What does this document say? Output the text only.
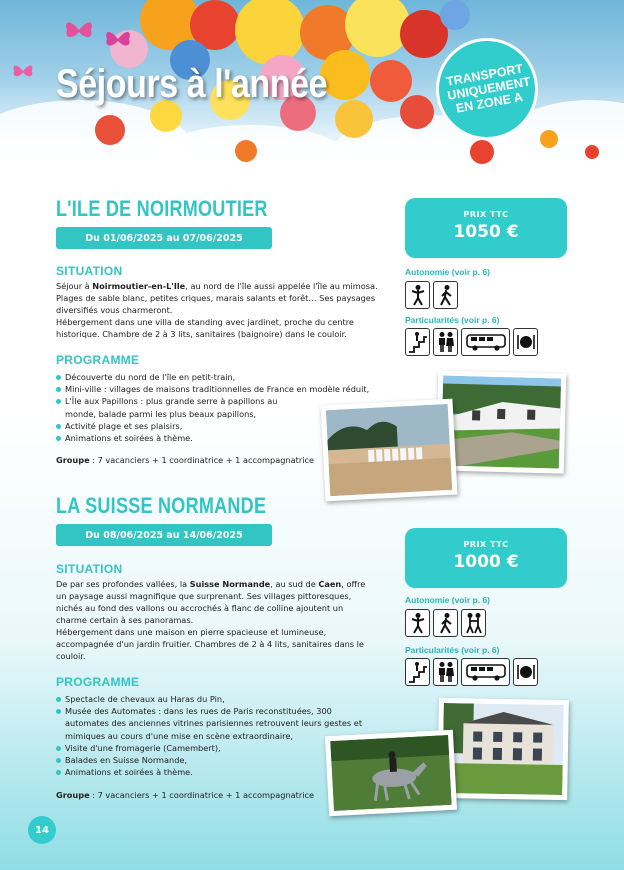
Séjours à l'année	TRANSPORT UNIQUEMENT EN ZONE A
L'ILE DE NOIRMOUTIER
Du 01/06/2025 au 07/06/2025
PRIX TTC
1050 €
SITUATION

Séjour à Noirmoutier-en-L'Ile, au nord de l'île aussi appelée l'île au mimosa. Plages de sable blanc, petites criques, marais salants et forêt… Ses paysages diversifiés vous charmeront.

Hébergement dans une villa de standing avec jardinet, proche du centre historique. Chambre de 2 à 3 lits, sanitaires (baignoire) dans le couloir.

PROGRAMME
Découverte du nord de l'île en petit-train,
Mini-ville : villages de maisons traditionnelles de France en modèle réduit,
L'Île aux Papillons : plus grande serre à papillons au monde, balade parmi les plus beaux papillons,
Activité plage et ses plaisirs,
Animations et soirées à thème.
Groupe : 7 vacanciers + 1 coordinatrice + 1 accompagnatrice
Autonomie (voir p. 6)
Particularités (voir p. 6)
LA SUISSE NORMANDE
Du 08/06/2025 au 14/06/2025
PRIX TTC
1000 €
SITUATION

De par ses profondes vallées, la Suisse Normande, au sud de Caen, offre un paysage aussi magnifique que surprenant. Ses villages pittoresques, nichés au fond des vallons ou accrochés à flanc de colline ajoutent un charme certain à ses panoramas.

Hébergement dans une maison en pierre spacieuse et lumineuse, accompagnée d'un jardin fruitier. Chambres de 2 à 4 lits, sanitaires dans le couloir.

PROGRAMME
Spectacle de chevaux au Haras du Pin,
Musée des Automates : dans les rues de Paris reconstituées, 300 automates des anciennes vitrines parisiennes retrouvent leurs gestes et mimiques au cours d'une mise en scène extraordinaire,
Visite d'une fromagerie (Camembert),
Balades en Suisse Normande,
Animations et soirées à thème.
Groupe : 7 vacanciers + 1 coordinatrice + 1 accompagnatrice
Autonomie (voir p. 6)
Particularités (voir p. 6)
14
